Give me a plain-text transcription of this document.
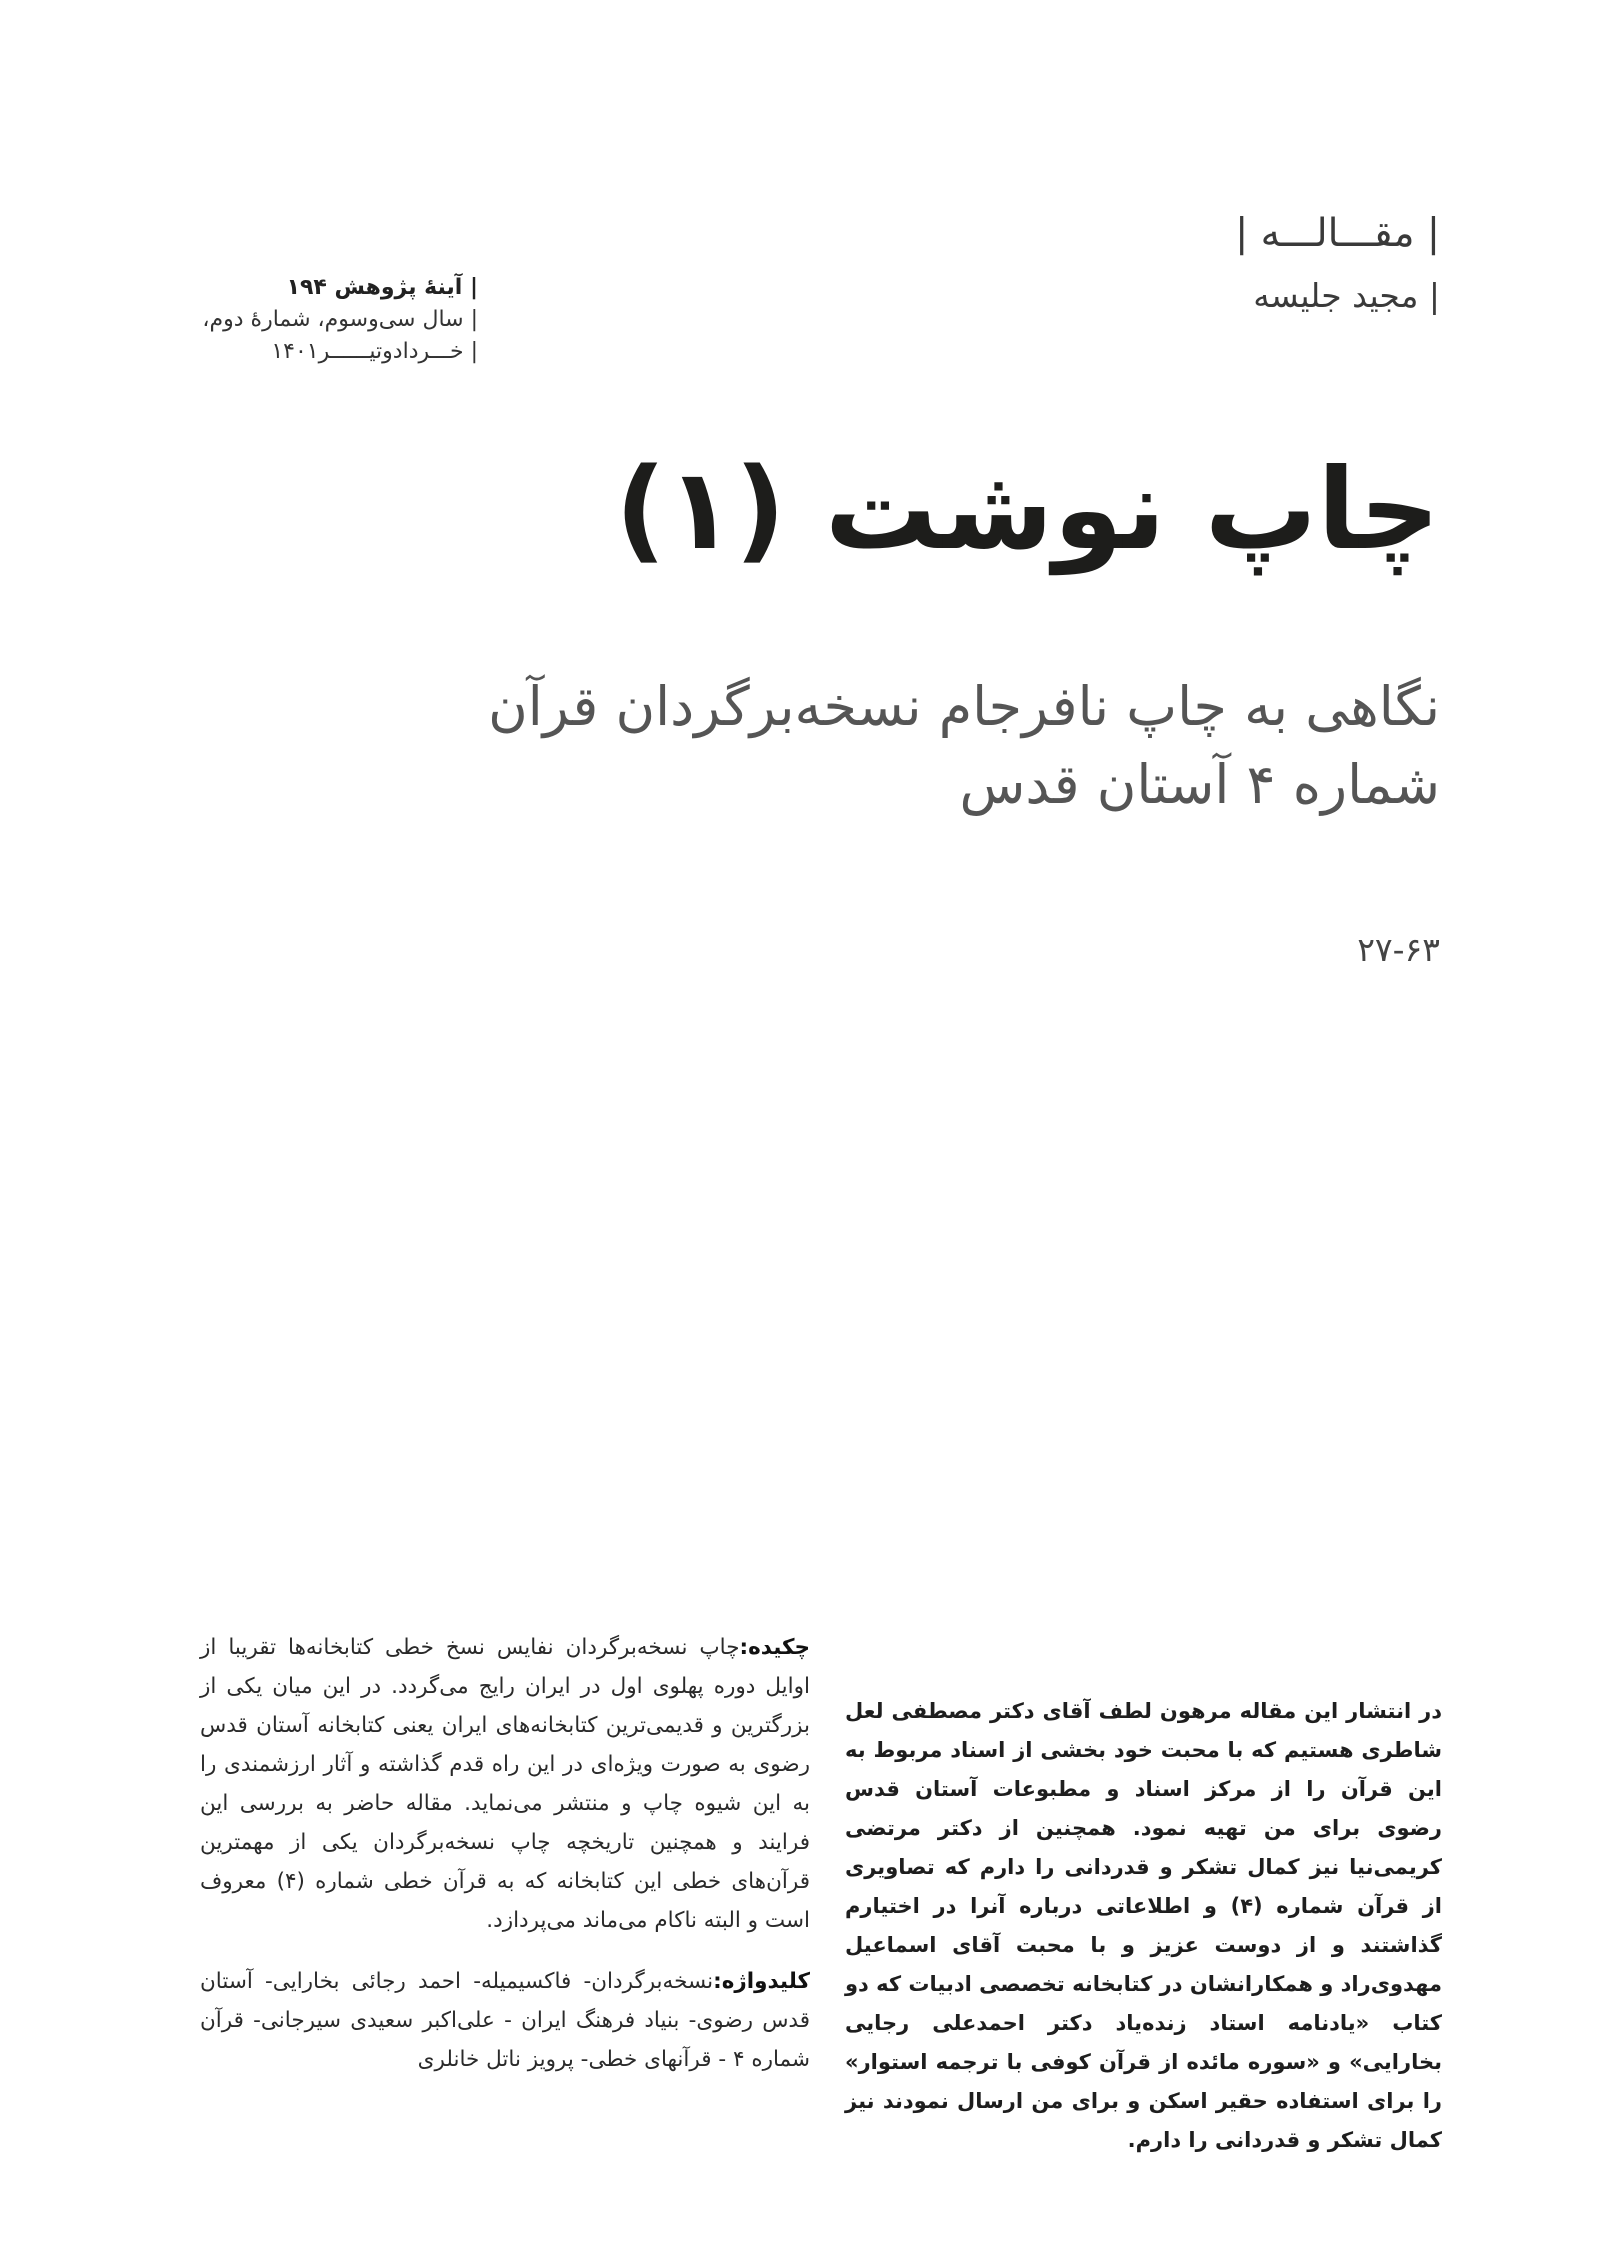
| مقـــالـــه |
| مجید جلیسه
| آینۀ پژوهش ۱۹۴
| سال سی‌وسوم، شمارۀ دوم،
| خـــردادوتیــــــر۱۴۰۱
چاپ نوشت (۱)
نگاهی به چاپ نافرجام نسخه‌برگردان قرآن
شماره ۴ آستان قدس
۲۷-۶۳
چکیده:چاپ نسخه‌برگردان نفایس نسخ خطی کتابخانه‌ها تقریبا از اوایل دوره پهلوی اول در ایران رایج می‌گردد. در این میان یکی از بزرگترین و قدیمی‌ترین کتابخانه‌های ایران یعنی کتابخانه آستان قدس رضوی به صورت ویژه‌ای در این راه قدم گذاشته و آثار ارزشمندی را به این شیوه چاپ و منتشر می‌نماید. مقاله حاضر به بررسی این فرایند و همچنین تاریخچه چاپ نسخه‌برگردان یکی از مهمترین قرآن‌های خطی این کتابخانه که به قرآن خطی شماره (۴) معروف است و البته ناکام می‌ماند می‌پردازد.
کلیدواژه:نسخه‌برگردان- فاکسیمیله- احمد رجائی بخارایی- آستان قدس رضوی- بنیاد فرهنگ ایران - علی‌اکبر سعیدی سیرجانی- قرآن شماره ۴ - قرآنهای خطی- پرویز ناتل خانلری
در انتشار این مقاله مرهون لطف آقای دکتر مصطفی لعل شاطری هستیم که با محبت خود بخشی از اسناد مربوط به این قرآن را از مرکز اسناد و مطبوعات آستان قدس رضوی برای من تهیه نمود. همچنین از دکتر مرتضی کریمی‌نیا نیز کمال تشکر و قدردانی را دارم که تصاویری از قرآن شماره (۴) و اطلاعاتی درباره آنرا در اختیارم گذاشتند و از دوست عزیز و با محبت آقای اسماعیل مهدوی‌راد و همکارانشان در کتابخانه تخصصی ادبیات که دو کتاب «یادنامه استاد زنده‌یاد دکتر احمدعلی رجایی بخارایی» و «سوره مائده از قرآن کوفی با ترجمه استوار» را برای استفاده حقیر اسکن و برای من ارسال نمودند نیز کمال تشکر و قدردانی را دارم.
